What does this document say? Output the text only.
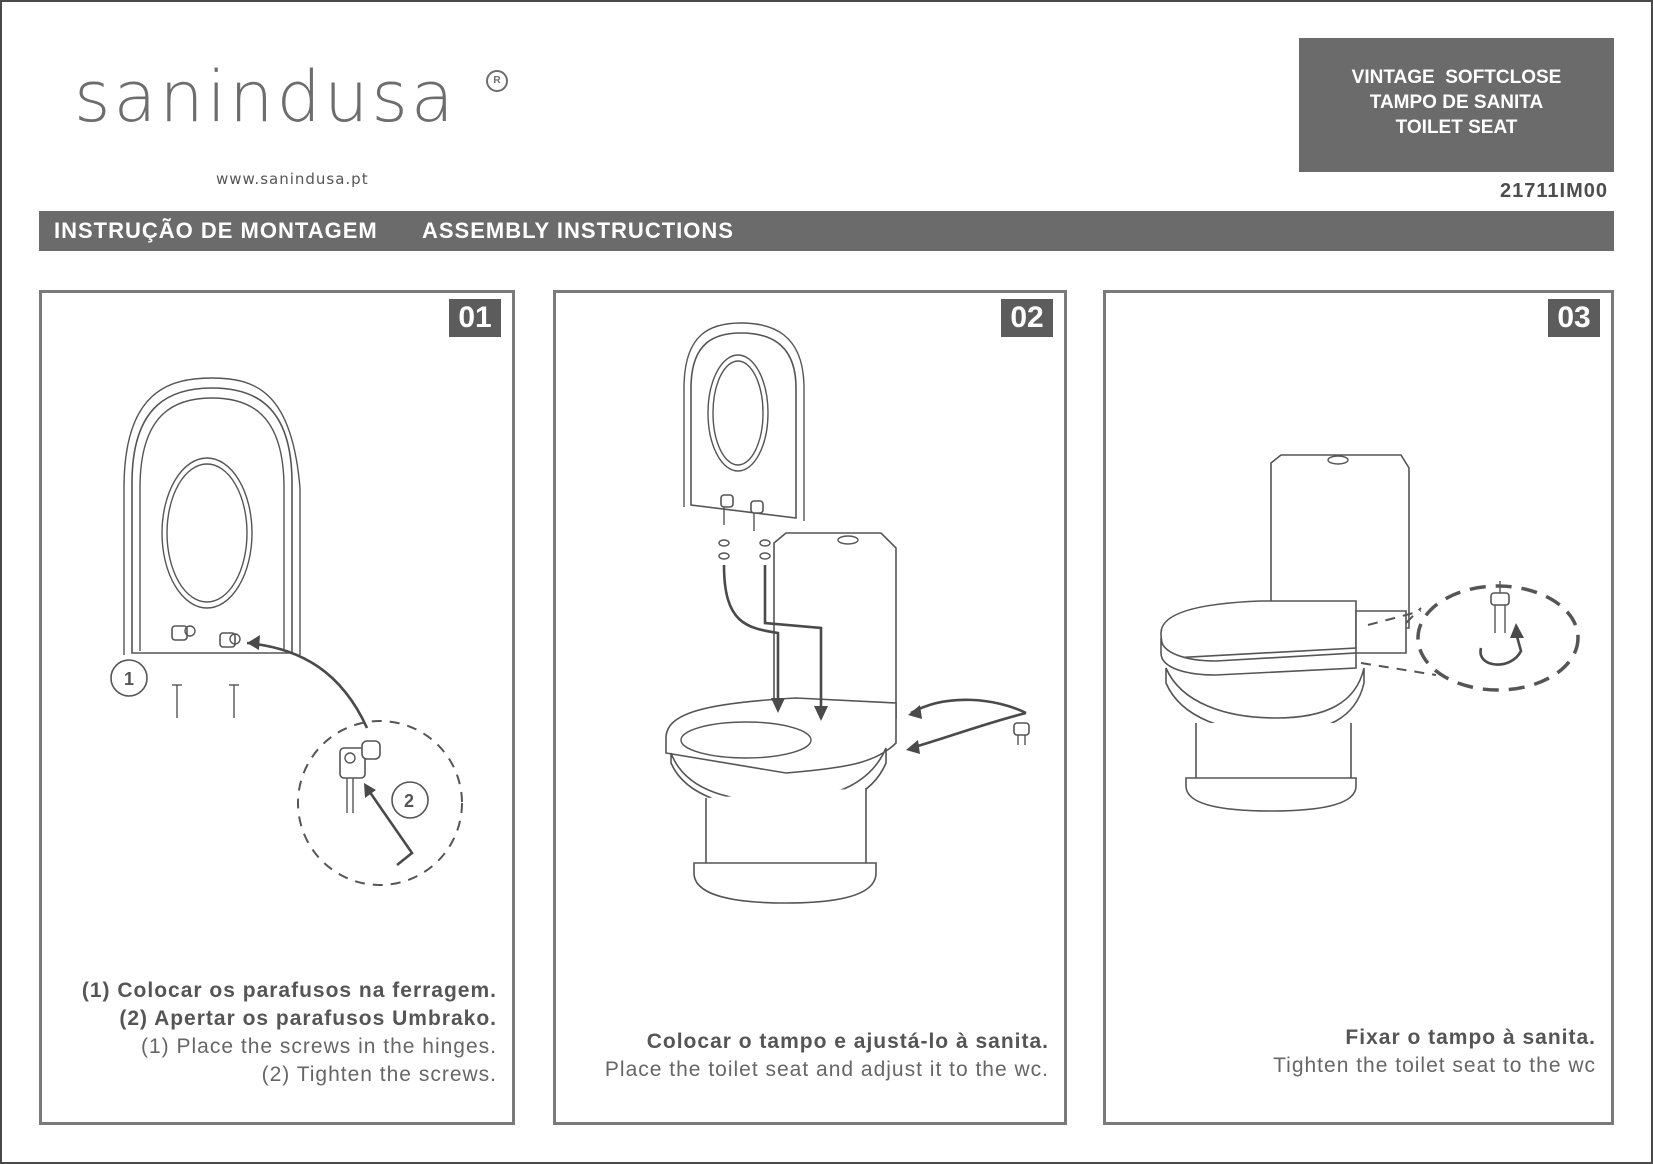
sanindusa	R
www.sanindusa.pt
VINTAGE  SOFTCLOSE
TAMPO DE SANITA
TOILET SEAT
21711IM00
INSTRUÇÃO DE MONTAGEM ASSEMBLY INSTRUCTIONS
01
1
2
(1) Colocar os parafusos na ferragem.
(2) Apertar os parafusos Umbrako.
(1) Place the screws in the hinges.
(2) Tighten the screws.
02
Colocar o tampo e ajustá-lo à sanita.
Place the toilet seat and adjust it to the wc.
03
Fixar o tampo à sanita.
Tighten the toilet seat to the wc
